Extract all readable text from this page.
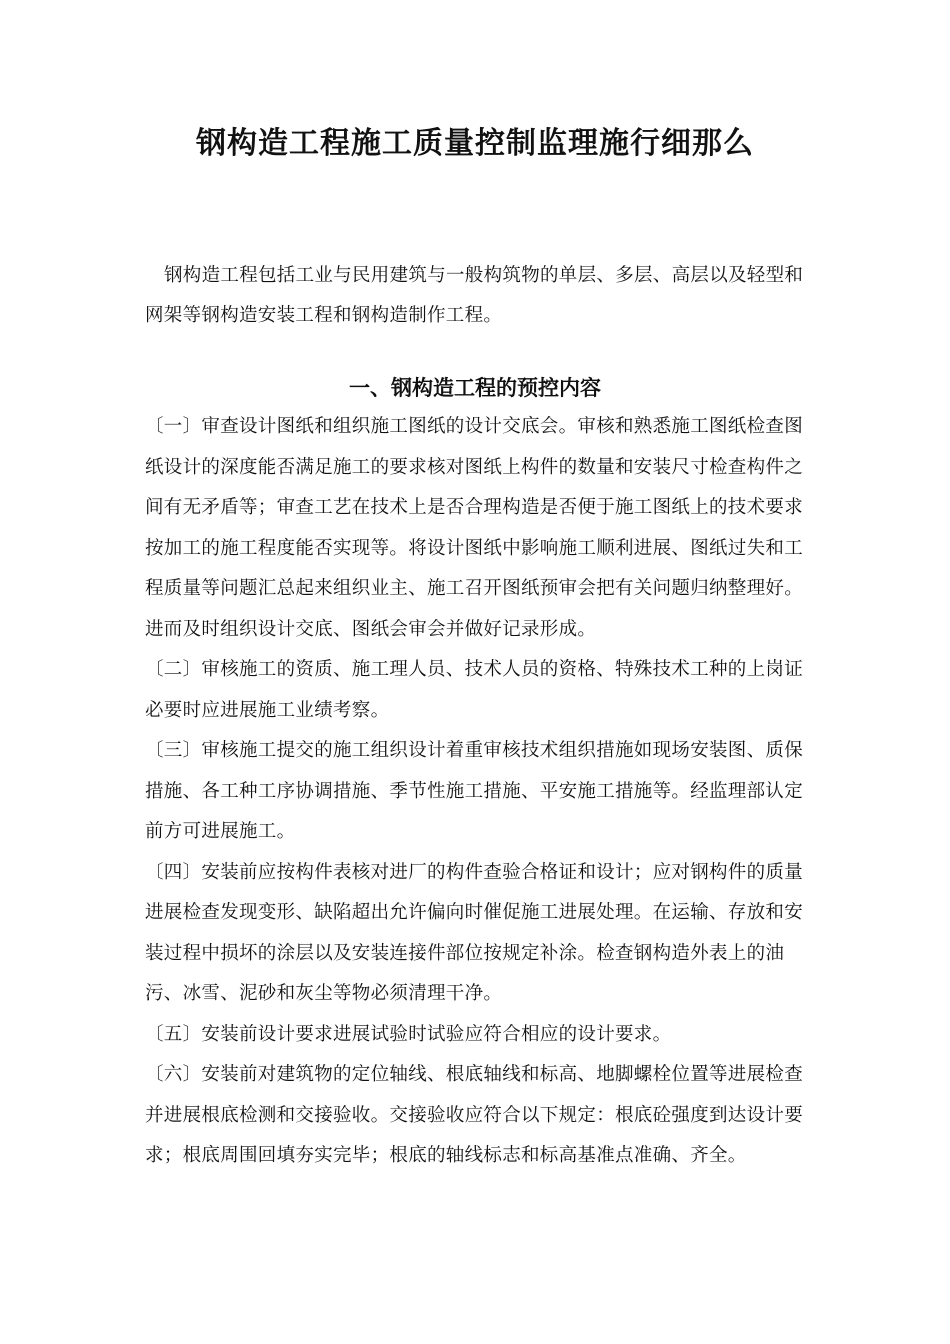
钢构造工程施工质量控制监理施行细那么

钢构造工程包括工业与民用建筑与一般构筑物的单层、多层、高层以及轻型和网架等钢构造安装工程和钢构造制作工程。

一、钢构造工程的预控内容

〔一〕审查设计图纸和组织施工图纸的设计交底会。审核和熟悉施工图纸检查图纸设计的深度能否满足施工的要求核对图纸上构件的数量和安装尺寸检查构件之间有无矛盾等；审查工艺在技术上是否合理构造是否便于施工图纸上的技术要求按加工的施工程度能否实现等。将设计图纸中影响施工顺利进展、图纸过失和工程质量等问题汇总起来组织业主、施工召开图纸预审会把有关问题归纳整理好。进而及时组织设计交底、图纸会审会并做好记录形成。

〔二〕审核施工的资质、施工理人员、技术人员的资格、特殊技术工种的上岗证必要时应进展施工业绩考察。

〔三〕审核施工提交的施工组织设计着重审核技术组织措施如现场安装图、质保措施、各工种工序协调措施、季节性施工措施、平安施工措施等。经监理部认定前方可进展施工。

〔四〕安装前应按构件表核对进厂的构件查验合格证和设计；应对钢构件的质量进展检查发现变形、缺陷超出允许偏向时催促施工进展处理。在运输、存放和安装过程中损坏的涂层以及安装连接件部位按规定补涂。检查钢构造外表上的油污、冰雪、泥砂和灰尘等物必须清理干净。

〔五〕安装前设计要求进展试验时试验应符合相应的设计要求。

〔六〕安装前对建筑物的定位轴线、根底轴线和标高、地脚螺栓位置等进展检查并进展根底检测和交接验收。交接验收应符合以下规定：根底砼强度到达设计要求；根底周围回填夯实完毕；根底的轴线标志和标高基准点准确、齐全。
